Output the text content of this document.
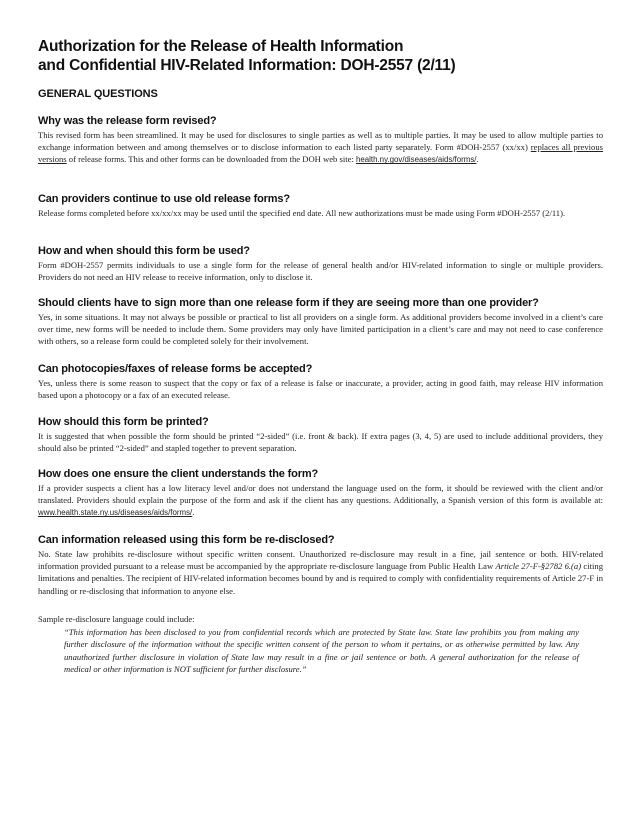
Authorization for the Release of Health Information
and Confidential HIV-Related Information: DOH-2557 (2/11)
GENERAL QUESTIONS
Why was the release form revised?

This revised form has been streamlined. It may be used for disclosures to single parties as well as to multiple parties. It may be used to allow multiple parties to exchange information between and among themselves or to disclose information to each listed party separately. Form #DOH-2557 (xx/xx) replaces all previous versions of release forms. This and other forms can be downloaded from the DOH web site: health.ny.gov/diseases/aids/forms/.

Can providers continue to use old release forms?

Release forms completed before xx/xx/xx may be used until the specified end date. All new authorizations must be made using Form #DOH-2557 (2/11).

How and when should this form be used?

Form #DOH-2557 permits individuals to use a single form for the release of general health and/or HIV-related information to single or multiple providers. Providers do not need an HIV release to receive information, only to disclose it.

Should clients have to sign more than one release form if they are seeing more than one provider?

Yes, in some situations. It may not always be possible or practical to list all providers on a single form. As additional providers become involved in a client’s care over time, new forms will be needed to include them. Some providers may only have limited participation in a client’s care and may not need to case conference with others, so a release form could be completed solely for their involvement.

Can photocopies/faxes of release forms be accepted?

Yes, unless there is some reason to suspect that the copy or fax of a release is false or inaccurate, a provider, acting in good faith, may release HIV information based upon a photocopy or a fax of an executed release.

How should this form be printed?

It is suggested that when possible the form should be printed “2-sided” (i.e. front & back). If extra pages (3, 4, 5) are used to include additional providers, they should also be printed “2-sided” and stapled together to prevent separation.

How does one ensure the client understands the form?

If a provider suspects a client has a low literacy level and/or does not understand the language used on the form, it should be reviewed with the client and/or translated. Providers should explain the purpose of the form and ask if the client has any questions. Additionally, a Spanish version of this form is available at: www.health.state.ny.us/diseases/aids/forms/.

Can information released using this form be re-disclosed?

No. State law prohibits re-disclosure without specific written consent. Unauthorized re-disclosure may result in a fine, jail sentence or both. HIV-related information provided pursuant to a release must be accompanied by the appropriate re-disclosure language from Public Health Law Article 27-F-§2782 6.(a) citing limitations and penalties. The recipient of HIV-related information becomes bound by and is required to comply with confidentiality requirements of Article 27-F in handling or re-disclosing that information to anyone else.

Sample re-disclosure language could include:

“This information has been disclosed to you from confidential records which are protected by State law. State law prohibits you from making any further disclosure of the information without the specific written consent of the person to whom it pertains, or as otherwise permitted by law. Any unauthorized further disclosure in violation of State law may result in a fine or jail sentence or both. A general authorization for the release of medical or other information is NOT sufficient for further disclosure.”
